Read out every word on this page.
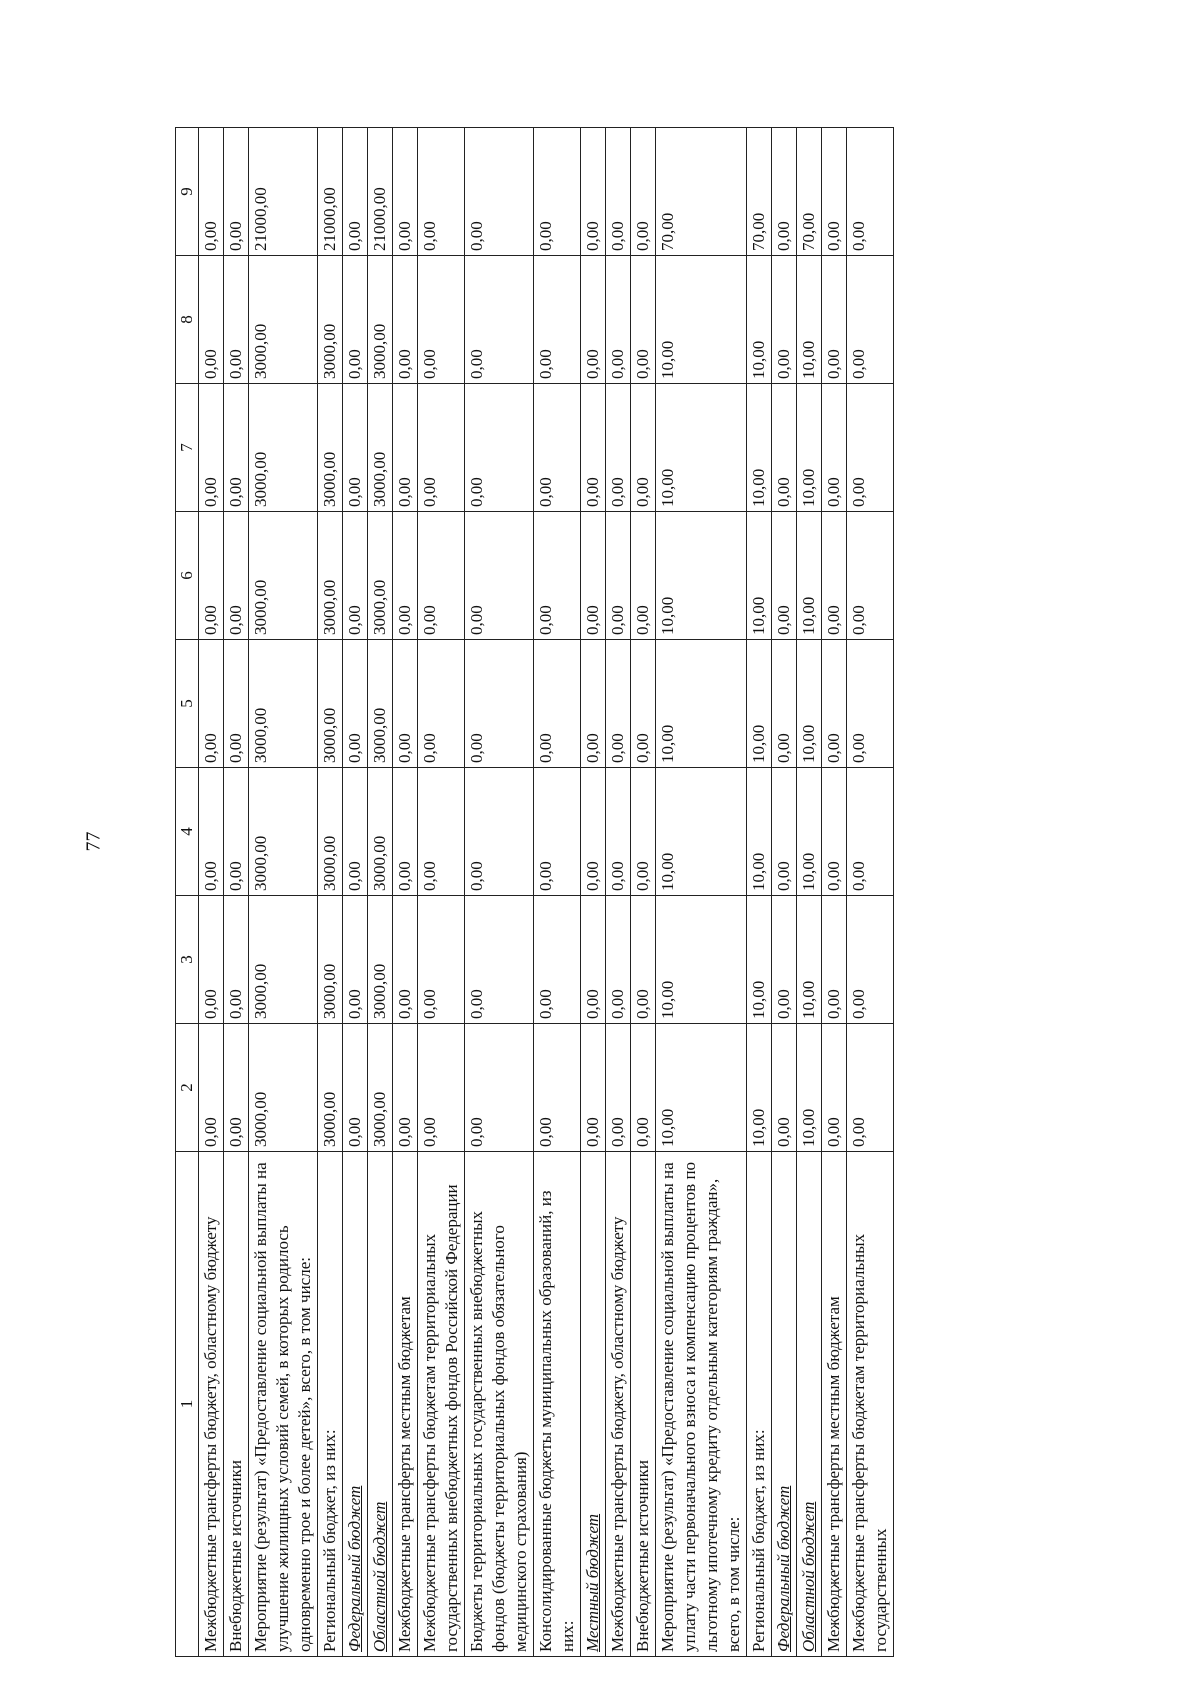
77
1	2	3	4	5	6	7	8	9
Межбюджетные трансферты бюджету, областному бюджету	0,00	0,00	0,00	0,00	0,00	0,00	0,00	0,00
Внебюджетные источники	0,00	0,00	0,00	0,00	0,00	0,00	0,00	0,00
Мероприятие (результат) «Предоставление социальной выплаты на улучшение жилищных условий семей, в которых родилось одновременно трое и более детей», всего, в том числе:	3000,00	3000,00	3000,00	3000,00	3000,00	3000,00	3000,00	21000,00
Региональный бюджет, из них:	3000,00	3000,00	3000,00	3000,00	3000,00	3000,00	3000,00	21000,00
Федеральный бюджет	0,00	0,00	0,00	0,00	0,00	0,00	0,00	0,00
Областной бюджет	3000,00	3000,00	3000,00	3000,00	3000,00	3000,00	3000,00	21000,00
Межбюджетные трансферты местным бюджетам	0,00	0,00	0,00	0,00	0,00	0,00	0,00	0,00
Межбюджетные трансферты бюджетам территориальных государственных внебюджетных фондов Российской Федерации	0,00	0,00	0,00	0,00	0,00	0,00	0,00	0,00
Бюджеты территориальных государственных внебюджетных фондов (бюджеты территориальных фондов обязательного медицинского страхования)	0,00	0,00	0,00	0,00	0,00	0,00	0,00	0,00
Консолидированные бюджеты муниципальных образований, из них:	0,00	0,00	0,00	0,00	0,00	0,00	0,00	0,00
Местный бюджет	0,00	0,00	0,00	0,00	0,00	0,00	0,00	0,00
Межбюджетные трансферты бюджету, областному бюджету	0,00	0,00	0,00	0,00	0,00	0,00	0,00	0,00
Внебюджетные источники	0,00	0,00	0,00	0,00	0,00	0,00	0,00	0,00
Мероприятие (результат) «Предоставление социальной выплаты на уплату части первоначального взноса и компенсацию процентов по льготному ипотечному кредиту отдельным категориям граждан», всего, в том числе:	10,00	10,00	10,00	10,00	10,00	10,00	10,00	70,00
Региональный бюджет, из них:	10,00	10,00	10,00	10,00	10,00	10,00	10,00	70,00
Федеральный бюджет	0,00	0,00	0,00	0,00	0,00	0,00	0,00	0,00
Областной бюджет	10,00	10,00	10,00	10,00	10,00	10,00	10,00	70,00
Межбюджетные трансферты местным бюджетам	0,00	0,00	0,00	0,00	0,00	0,00	0,00	0,00
Межбюджетные трансферты бюджетам территориальных государственных	0,00	0,00	0,00	0,00	0,00	0,00	0,00	0,00
